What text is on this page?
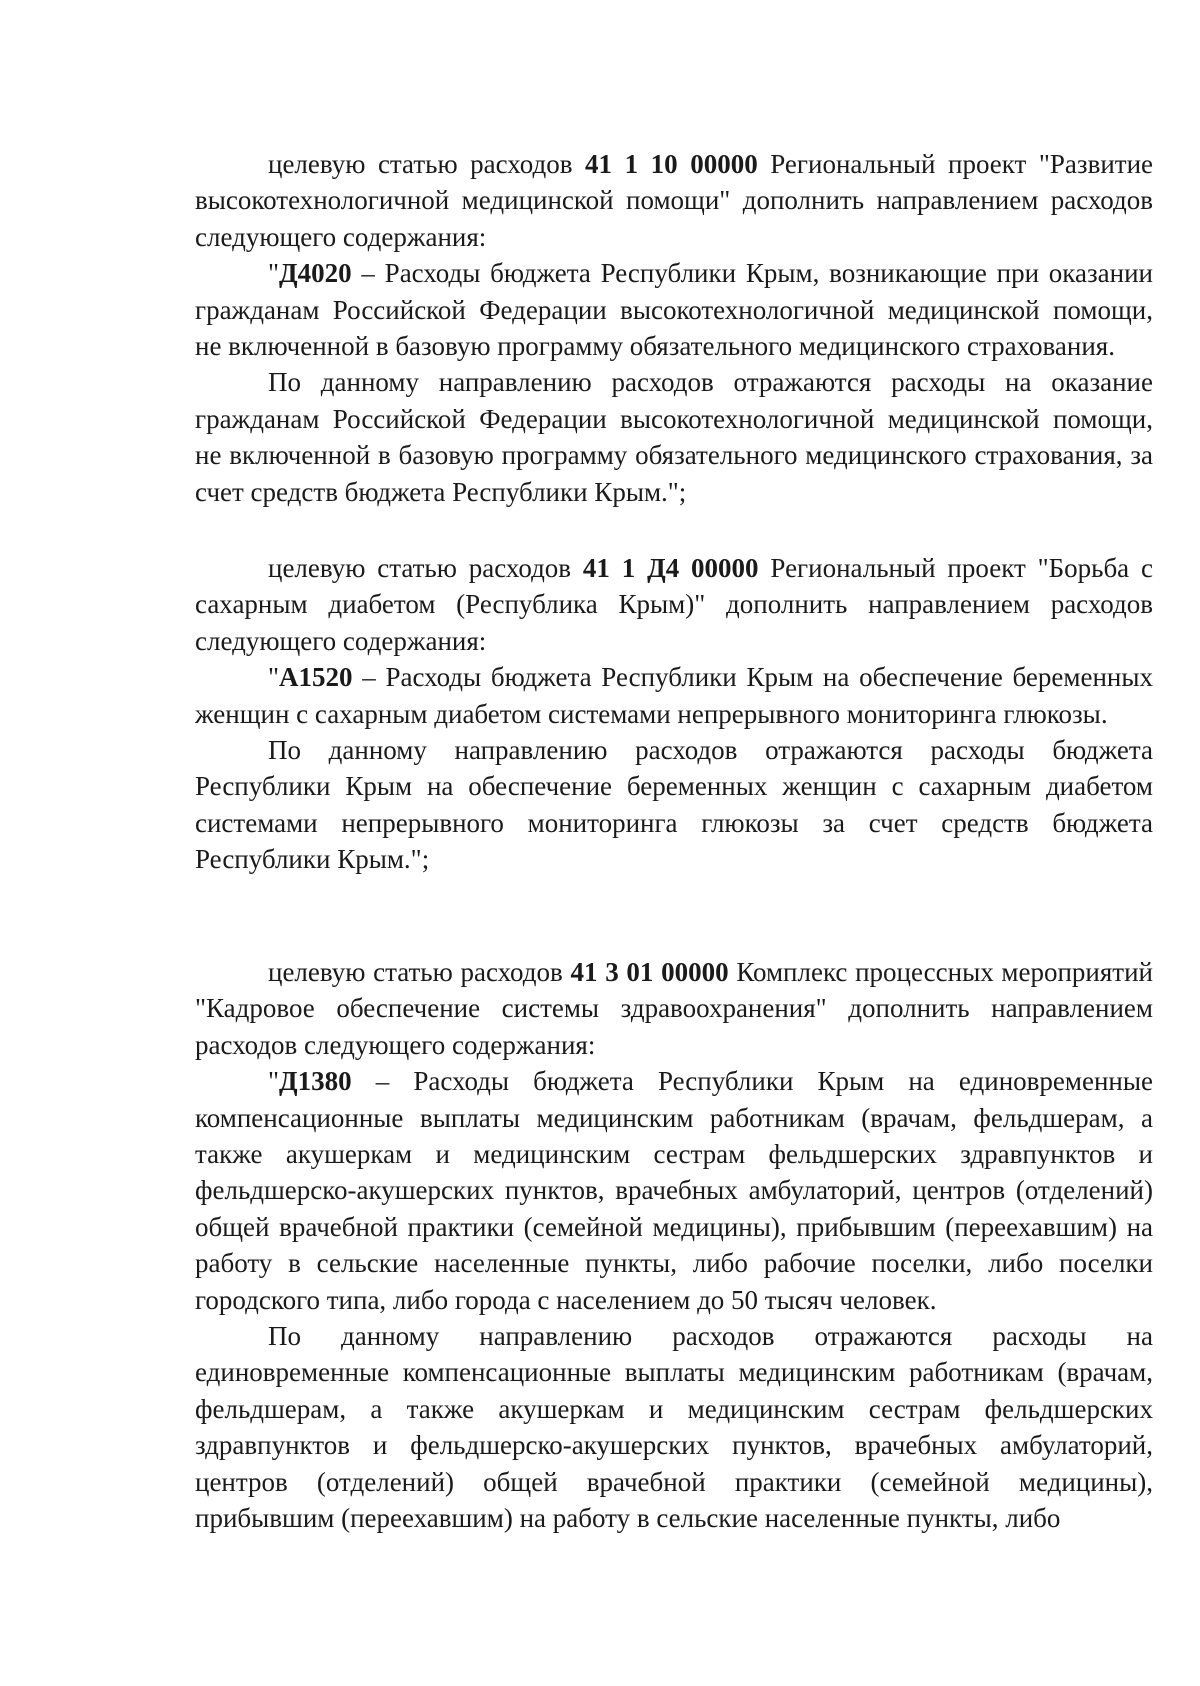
целевую статью расходов 41 1 10 00000 Региональный проект "Развитие высокотехнологичной медицинской помощи" дополнить направлением расходов следующего содержания:

"Д4020 – Расходы бюджета Республики Крым, возникающие при оказании гражданам Российской Федерации высокотехнологичной медицинской помощи, не включенной в базовую программу обязательного медицинского страхования.

По данному направлению расходов отражаются расходы на оказание гражданам Российской Федерации высокотехнологичной медицинской помощи, не включенной в базовую программу обязательного медицинского страхования, за счет средств бюджета Республики Крым.";

целевую статью расходов 41 1 Д4 00000 Региональный проект "Борьба с сахарным диабетом (Республика Крым)" дополнить направлением расходов следующего содержания:

"А1520 – Расходы бюджета Республики Крым на обеспечение беременных женщин с сахарным диабетом системами непрерывного мониторинга глюкозы.

По данному направлению расходов отражаются расходы бюджета Республики Крым на обеспечение беременных женщин с сахарным диабетом системами непрерывного мониторинга глюкозы за счет средств бюджета Республики Крым.";

целевую статью расходов 41 3 01 00000 Комплекс процессных мероприятий "Кадровое обеспечение системы здравоохранения" дополнить направлением расходов следующего содержания:

"Д1380 – Расходы бюджета Республики Крым на единовременные компенсационные выплаты медицинским работникам (врачам, фельдшерам, а также акушеркам и медицинским сестрам фельдшерских здравпунктов и фельдшерско-акушерских пунктов, врачебных амбулаторий, центров (отделений) общей врачебной практики (семейной медицины), прибывшим (переехавшим) на работу в сельские населенные пункты, либо рабочие поселки, либо поселки городского типа, либо города с населением до 50 тысяч человек.

По данному направлению расходов отражаются расходы на единовременные компенсационные выплаты медицинским работникам (врачам, фельдшерам, а также акушеркам и медицинским сестрам фельдшерских здравпунктов и фельдшерско-акушерских пунктов, врачебных амбулаторий, центров (отделений) общей врачебной практики (семейной медицины), прибывшим (переехавшим) на работу в сельские населенные пункты, либо
